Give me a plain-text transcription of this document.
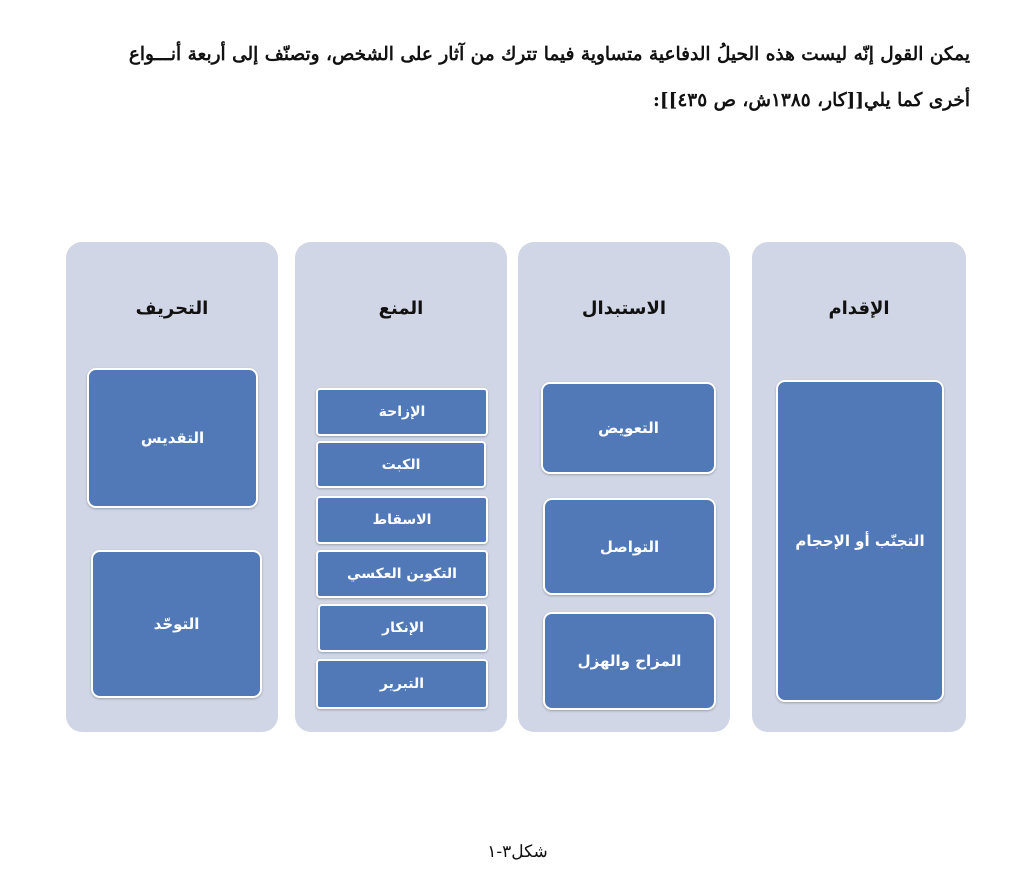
يمكن القول إنّه ليست هذه الحيلُ الدفاعية متساوية فيما تترك من آثار على الشخص، وتصنّف إلى أربعة أنـــواع

أخرى كما يلي[[كار، ١٣٨٥ش، ص ٤٣٥]]:

التحريف
التقديس
التوحّد
المنع
الإزاحة
الكبت
الاسقاط
التكوين العكسي
الإنكار
التبرير
الاستبدال
التعويض
التواصل
المزاح والهزل
الإقدام
التجنّب أو الإحجام
شكل٣-١
